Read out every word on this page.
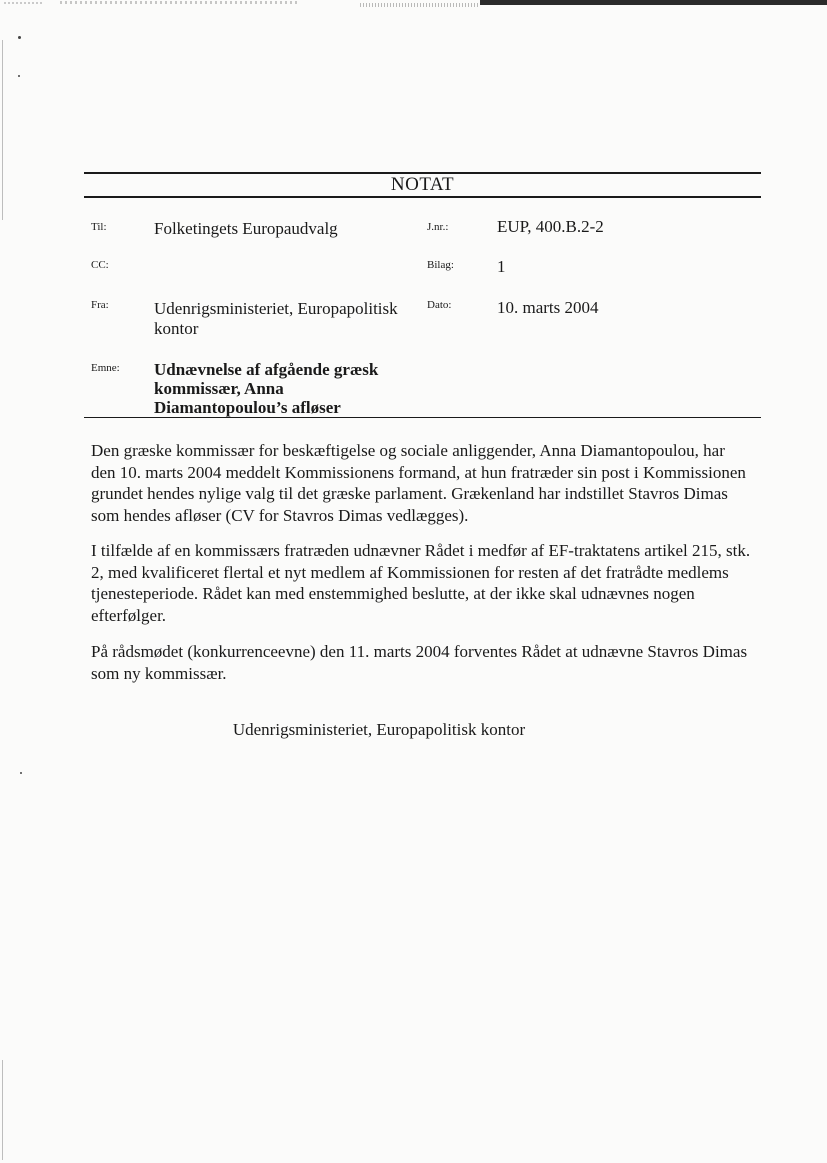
NOTAT
Til:
CC:
Fra:
Emne:
J.nr.:
Bilag:
Dato:
Folketingets Europaudvalg
Udenrigsministeriet, Europapolitisk
kontor
EUP, 400.B.2-2
1
10. marts 2004
Udnævnelse af afgående græsk
kommissær, Anna
Diamantopoulou’s afløser

Den græske kommissær for beskæftigelse og sociale anliggender, Anna Diamantopoulou, har den 10. marts 2004 meddelt Kommissionens formand, at hun fratræder sin post i Kommissionen grundet hendes nylige valg til det græske parlament. Grækenland har indstillet Stavros Dimas som hendes afløser (CV for Stavros Dimas vedlægges).

I tilfælde af en kommissærs fratræden udnævner Rådet i medfør af EF-traktatens artikel 215, stk. 2, med kvalificeret flertal et nyt medlem af Kommissionen for resten af det fratrådte medlems tjenesteperiode. Rådet kan med enstemmighed beslutte, at der ikke skal udnævnes nogen efterfølger.

På rådsmødet (konkurrenceevne) den 11. marts 2004 forventes Rådet at udnævne Stavros Dimas som ny kommissær.

Udenrigsministeriet, Europapolitisk kontor
